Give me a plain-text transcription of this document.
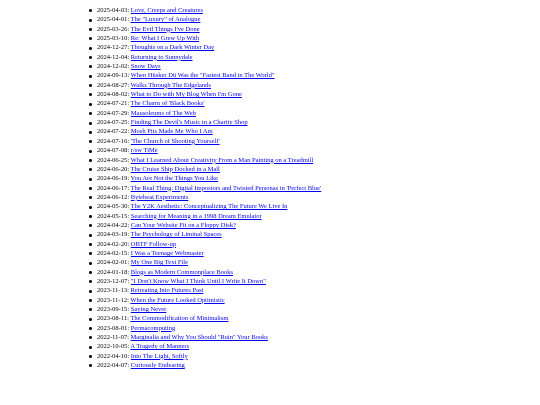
2025-04-03: Love, Creeps and Creatures
2025-04-01: The "Luxury" of Analogue
2025-03-26: The Evil Things I've Done
2025-03-10: Re: What I Grew Up With
2024-12-27: Thoughts on a Dark Winter Day
2024-12-04: Returning to Sunnydale
2024-12-02: Snow Days
2024-09-13: When Hüsker Dü Was the "Fastest Band in The World"
2024-08-27: Walks Through The Edgelands
2024-08-02: What to Do with My Blog When I'm Gone
2024-07-21: The Charm of 'Black Books'
2024-07-29: Mausoleums of The Web
2024-07-25: Finding The Devil's Music in a Charity Shop
2024-07-22: Mosh Pits Made Me Who I Am
2024-07-16: 'The Church of Shooting Yourself'
2024-07-08: r/sw TiMe
2024-06-25: What I Learned About Creativity From a Man Painting on a Treadmill
2024-06-20: The Cruise Ship Docked in a Mall
2024-06-19: You Are Not the Things You Like
2024-06-17: The Real Thing: Digital Impostors and Twisted Personas in 'Perfect Blue'
2024-06-12: Bytebeat Experiments
2024-05-30: The Y2K Aesthetic: Conceptualizing The Future We Live In
2024-05-15: Searching for Meaning in a 1998 Dream Emulator
2024-04-22: Can Your Website Fit on a Floppy Disk?
2024-03-19: The Psychology of Liminal Spaces
2024-02-20: OBTF Follow-up
2024-02-15: I Was a Teenage Webmaster
2024-02-01: My One Big Text File
2024-01-18: Blogs as Modern Commonplace Books
2023-12-07: "I Don't Know What I Think Until I Write It Down"
2023-11-13: Retreating Into Futures Past
2023-11-12: When the Future Looked Optimistic
2023-09-15: Saying Never
2023-08-11: The Commodification of Minimalism
2023-08-01: Permacomputing
2022-11-07: Marginalia and Why You Should "Ruin" Your Books
2022-10-05: A Tragedy of Manners
2022-04-10: Into The Light, Softly
2022-04-07: Curiously Endearing
